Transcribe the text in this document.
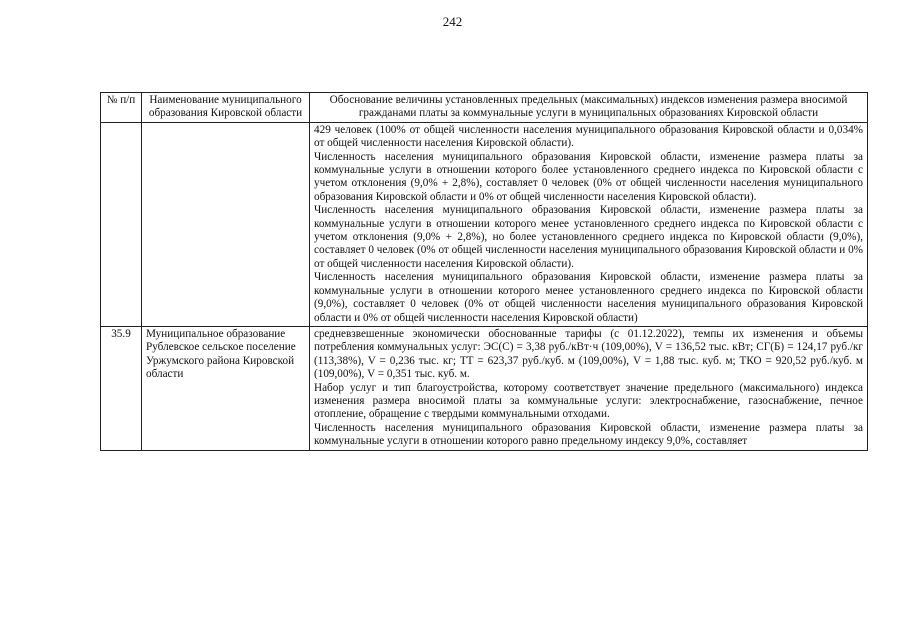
242
№ п/п	Наименование муниципального образования Кировской области	Обоснование величины установленных предельных (максимальных) индексов изменения размера вносимой гражданами платы за коммунальные услуги в муниципальных образованиях Кировской области

		429 человек (100% от общей численности населения муниципального образования Кировской области и 0,034% от общей численности населения Кировской области).

Численность населения муниципального образования Кировской области, изменение размера платы за коммунальные услуги в отношении которого более установленного среднего индекса по Кировской области с учетом отклонения (9,0% + 2,8%), составляет 0 человек (0% от общей численности населения муниципального образования Кировской области и 0% от общей численности населения Кировской области).

Численность населения муниципального образования Кировской области, изменение размера платы за коммунальные услуги в отношении которого менее установленного среднего индекса по Кировской области с учетом отклонения (9,0% + 2,8%), но более установленного среднего индекса по Кировской области (9,0%), составляет 0 человек (0% от общей численности населения муниципального образования Кировской области и 0% от общей численности населения Кировской области).

Численность населения муниципального образования Кировской области, изменение размера платы за коммунальные услуги в отношении которого менее установленного среднего индекса по Кировской области (9,0%), составляет 0 человек (0% от общей численности населения муниципального образования Кировской области и 0% от общей численности населения Кировской области)

35.9	Муниципальное образование Рублевское сельское поселение Уржумского района Кировской области	средневзвешенные экономически обоснованные тарифы (с 01.12.2022), темпы их изменения и объемы потребления коммунальных услуг: ЭС(С) = 3,38 руб./кВт·ч (109,00%), V = 136,52 тыс. кВт; СГ(Б) = 124,17 руб./кг (113,38%), V = 0,236 тыс. кг; ТТ = 623,37 руб./куб. м (109,00%), V = 1,88 тыс. куб. м; ТКО = 920,52 руб./куб. м (109,00%), V = 0,351 тыс. куб. м.

Набор услуг и тип благоустройства, которому соответствует значение предельного (максимального) индекса изменения размера вносимой платы за коммунальные услуги: электроснабжение, газоснабжение, печное отопление, обращение с твердыми коммунальными отходами.

Численность населения муниципального образования Кировской области, изменение размера платы за коммунальные услуги в отношении которого равно предельному индексу 9,0%, составляет
